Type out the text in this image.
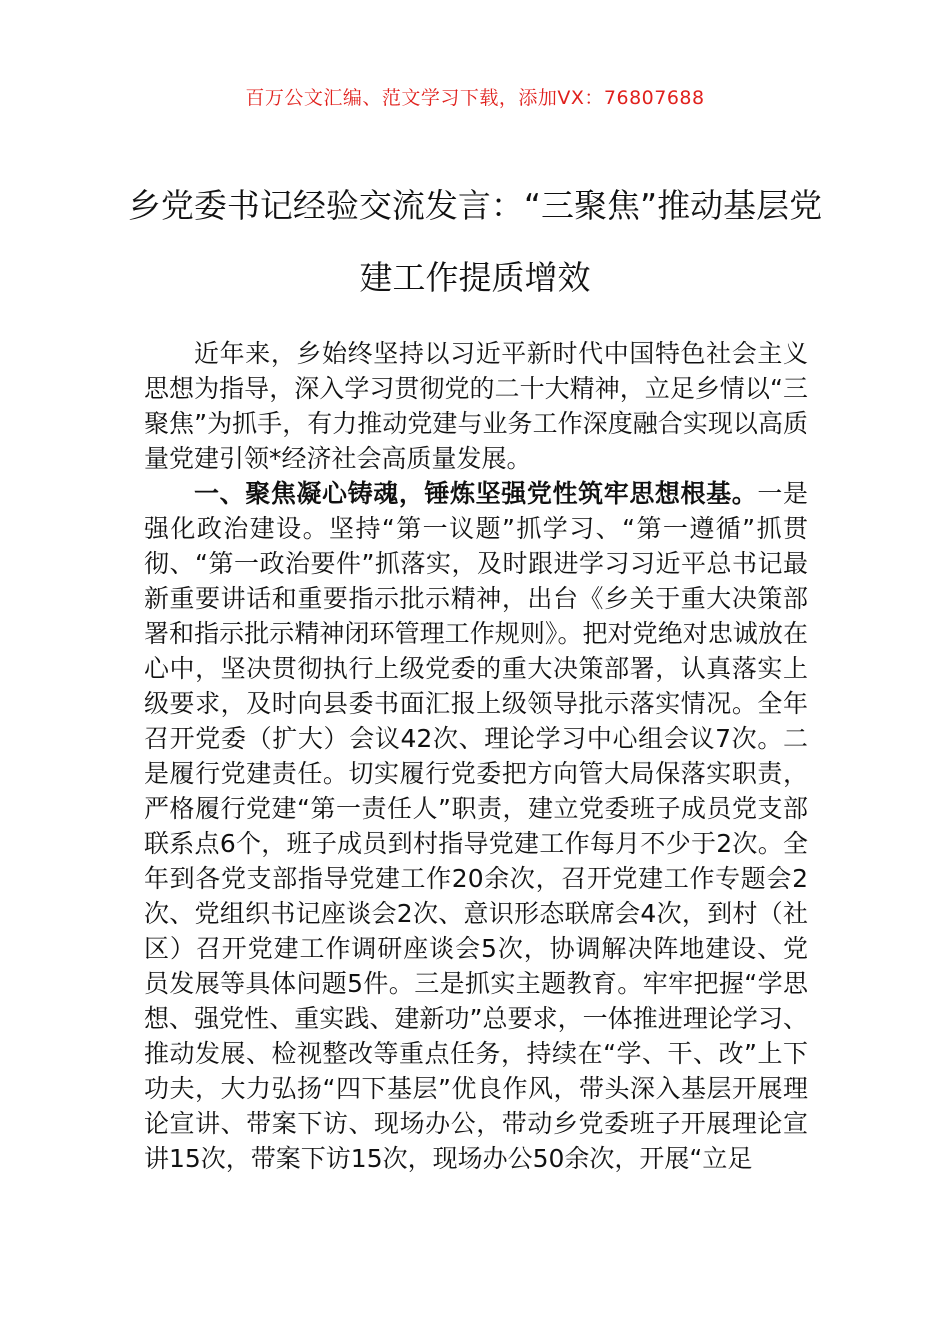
百万公文汇编、范文学习下载，添加VX：76807688
乡党委书记经验交流发言：“三聚焦”推动基层党建工作提质增效

近年来，乡始终坚持以习近平新时代中国特色社会主义思想为指导，深入学习贯彻党的二十大精神，立足乡情以“三聚焦”为抓手，有力推动党建与业务工作深度融合实现以高质量党建引领*经济社会高质量发展。

一、聚焦凝心铸魂，锤炼坚强党性筑牢思想根基。一是强化政治建设。坚持“第一议题”抓学习、“第一遵循”抓贯彻、“第一政治要件”抓落实，及时跟进学习习近平总书记最新重要讲话和重要指示批示精神，出台《乡关于重大决策部署和指示批示精神闭环管理工作规则》。把对党绝对忠诚放在心中，坚决贯彻执行上级党委的重大决策部署，认真落实上级要求，及时向县委书面汇报上级领导批示落实情况。全年召开党委（扩大）会议42次、理论学习中心组会议7次。二是履行党建责任。切实履行党委把方向管大局保落实职责，严格履行党建“第一责任人”职责，建立党委班子成员党支部联系点6个，班子成员到村指导党建工作每月不少于2次。全年到各党支部指导党建工作20余次，召开党建工作专题会2次、党组织书记座谈会2次、意识形态联席会4次，到村（社区）召开党建工作调研座谈会5次，协调解决阵地建设、党员发展等具体问题5件。三是抓实主题教育。牢牢把握“学思想、强党性、重实践、建新功”总要求，一体推进理论学习、推动发展、检视整改等重点任务，持续在“学、干、改”上下功夫，大力弘扬“四下基层”优良作风，带头深入基层开展理论宣讲、带案下访、现场办公，带动乡党委班子开展理论宣讲15次，带案下访15次，现场办公50余次，开展“立足
